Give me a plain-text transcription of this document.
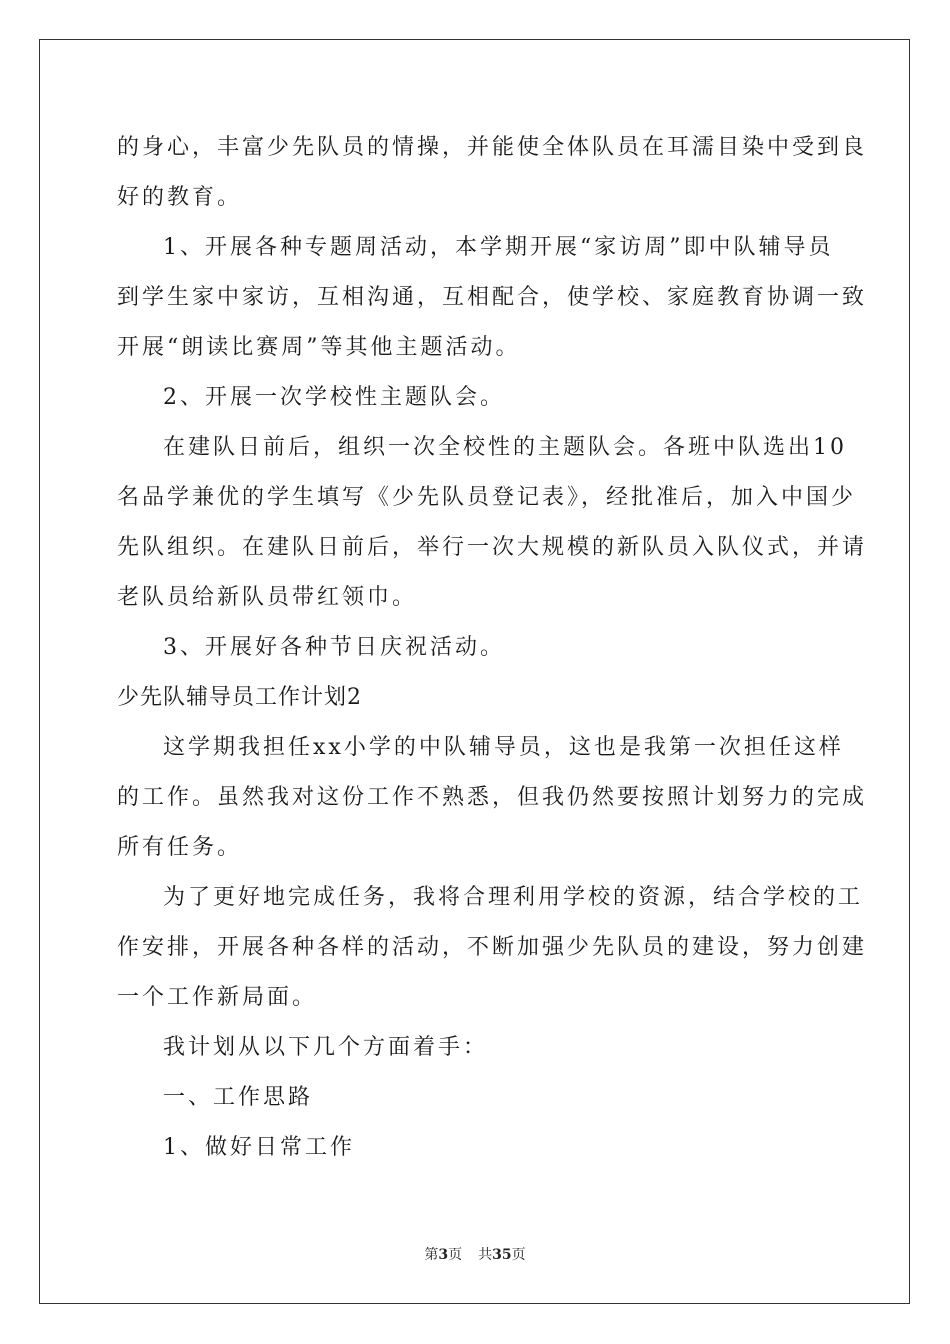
的身心，丰富少先队员的情操，并能使全体队员在耳濡目染中受到良
好的教育。
1、开展各种专题周活动，本学期开展“家访周”即中队辅导员
到学生家中家访，互相沟通，互相配合，使学校、家庭教育协调一致
开展“朗读比赛周”等其他主题活动。
2、开展一次学校性主题队会。
在建队日前后，组织一次全校性的主题队会。各班中队选出10
名品学兼优的学生填写《少先队员登记表》，经批准后，加入中国少
先队组织。在建队日前后，举行一次大规模的新队员入队仪式，并请
老队员给新队员带红领巾。
3、开展好各种节日庆祝活动。
少先队辅导员工作计划2
这学期我担任xx小学的中队辅导员，这也是我第一次担任这样
的工作。虽然我对这份工作不熟悉，但我仍然要按照计划努力的完成
所有任务。
为了更好地完成任务，我将合理利用学校的资源，结合学校的工
作安排，开展各种各样的活动，不断加强少先队员的建设，努力创建
一个工作新局面。
我计划从以下几个方面着手：
一、工作思路
1、做好日常工作
第3页 共35页
